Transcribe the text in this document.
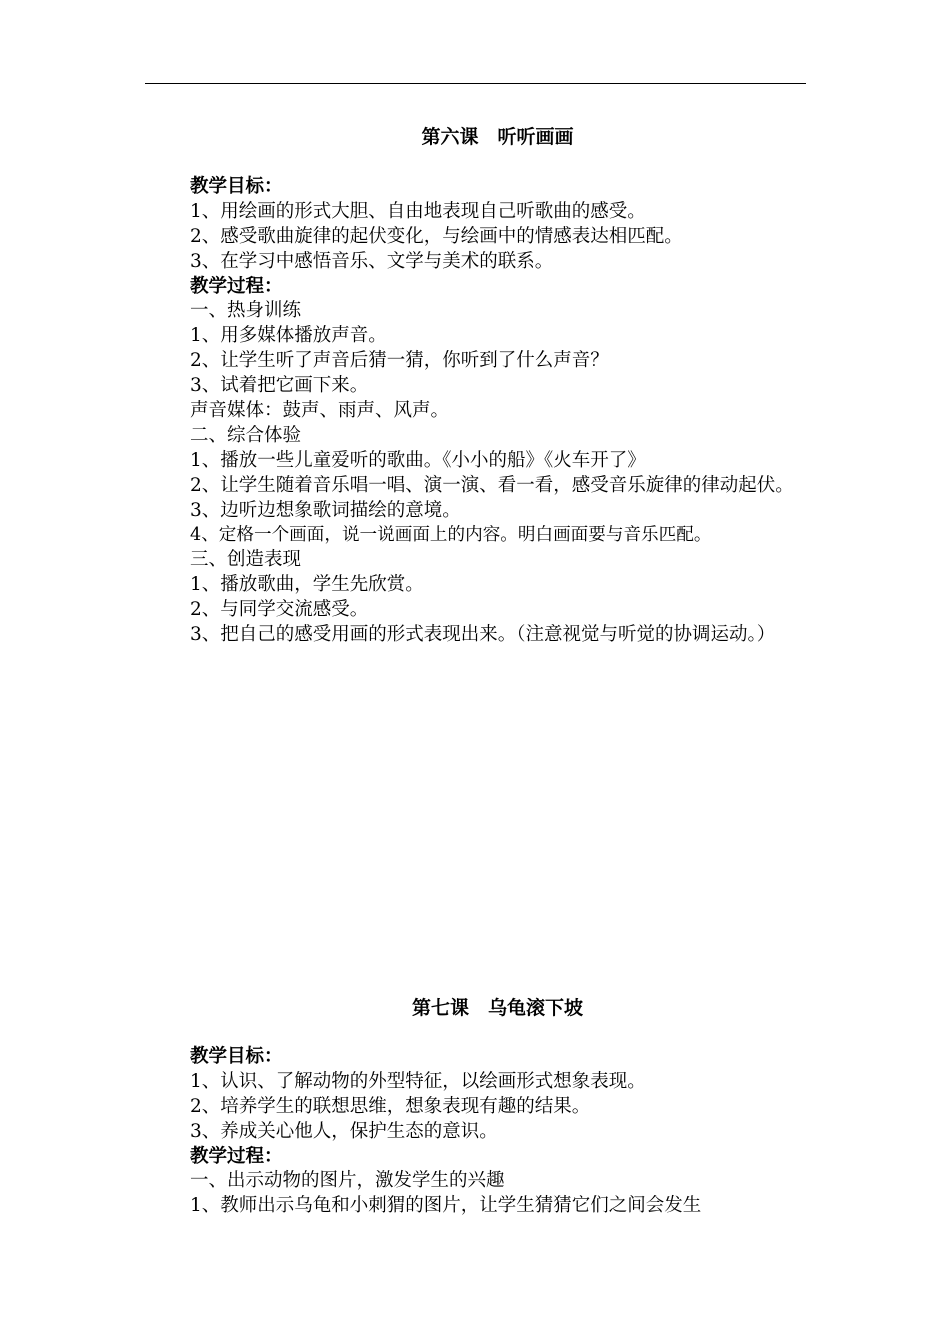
第六课　听听画画
教学目标：
1、用绘画的形式大胆、自由地表现自己听歌曲的感受。
2、感受歌曲旋律的起伏变化，与绘画中的情感表达相匹配。
3、在学习中感悟音乐、文学与美术的联系。
教学过程：
一、热身训练
1、用多媒体播放声音。
2、让学生听了声音后猜一猜，你听到了什么声音？
3、试着把它画下来。
声音媒体：鼓声、雨声、风声。
二、综合体验
1、播放一些儿童爱听的歌曲。《小小的船》《火车开了》
2、让学生随着音乐唱一唱、演一演、看一看，感受音乐旋律的律动起伏。
3、边听边想象歌词描绘的意境。
4、定格一个画面，说一说画面上的内容。明白画面要与音乐匹配。
三、创造表现
1、播放歌曲，学生先欣赏。
2、与同学交流感受。
3、把自己的感受用画的形式表现出来。（注意视觉与听觉的协调运动。）
第七课　乌龟滚下坡
教学目标：
1、认识、了解动物的外型特征，以绘画形式想象表现。
2、培养学生的联想思维，想象表现有趣的结果。
3、养成关心他人，保护生态的意识。
教学过程：
一、出示动物的图片，激发学生的兴趣
1、教师出示乌龟和小刺猬的图片，让学生猜猜它们之间会发生
